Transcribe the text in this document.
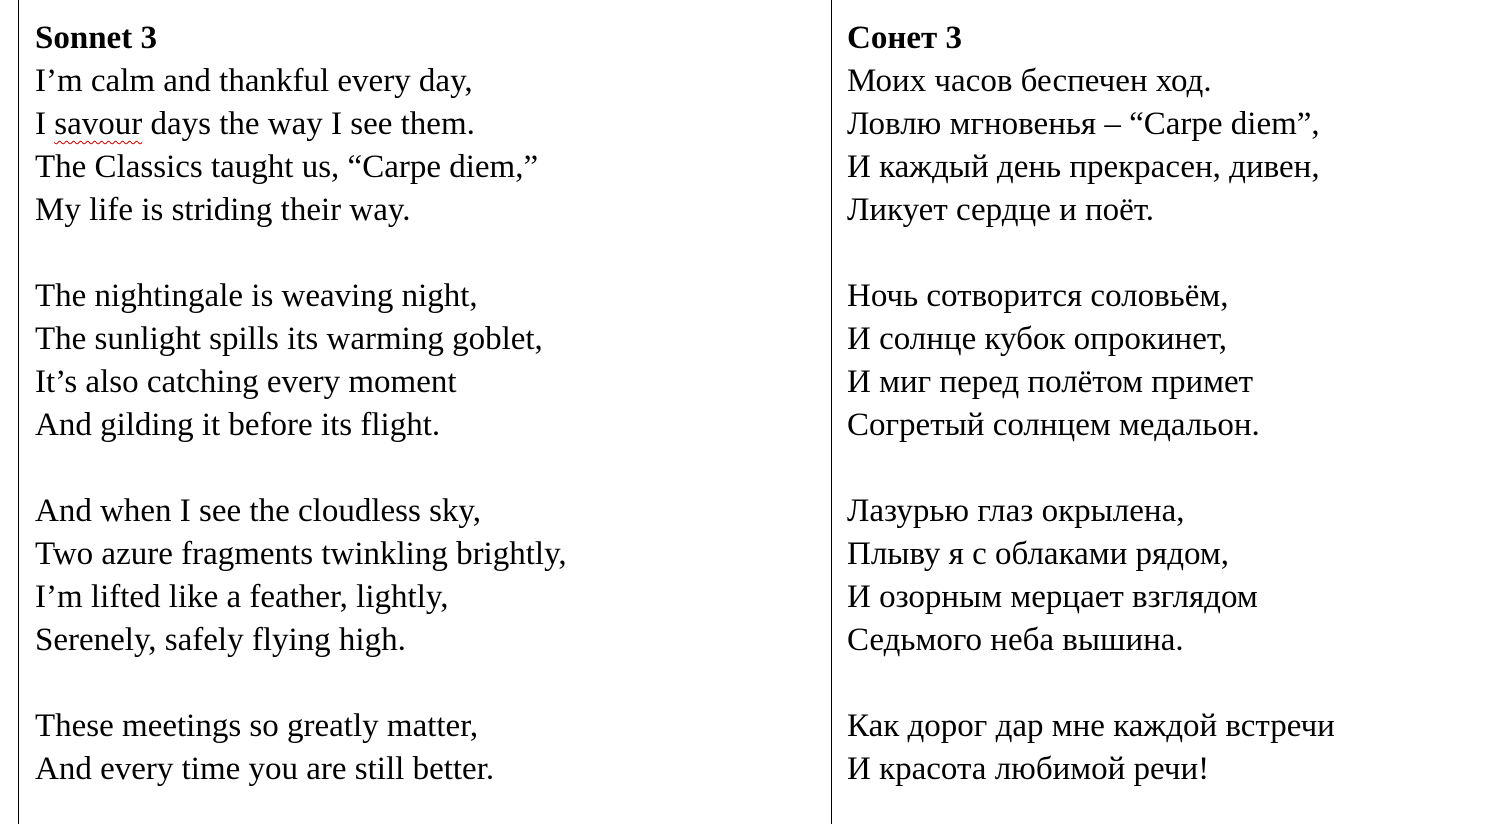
Sonnet 3
I’m calm and thankful every day,
I savour days the way I see them.
The Classics taught us, “Carpe diem,”
My life is striding their way.
The nightingale is weaving night,
The sunlight spills its warming goblet,
It’s also catching every moment
And gilding it before its flight.
And when I see the cloudless sky,
Two azure fragments twinkling brightly,
I’m lifted like a feather, lightly,
Serenely, safely flying high.
These meetings so greatly matter,
And every time you are still better.
Сонет 3
Моих часов беспечен ход.
Ловлю мгновенья – “Carpe diem”,
И каждый день прекрасен, дивен,
Ликует сердце и поёт.
Ночь сотворится соловьём,
И солнце кубок опрокинет,
И миг перед полётом примет
Согретый солнцем медальон.
Лазурью глаз окрылена,
Плыву я с облаками рядом,
И озорным мерцает взглядом
Седьмого неба вышина.
Как дорог дар мне каждой встречи
И красота любимой речи!
